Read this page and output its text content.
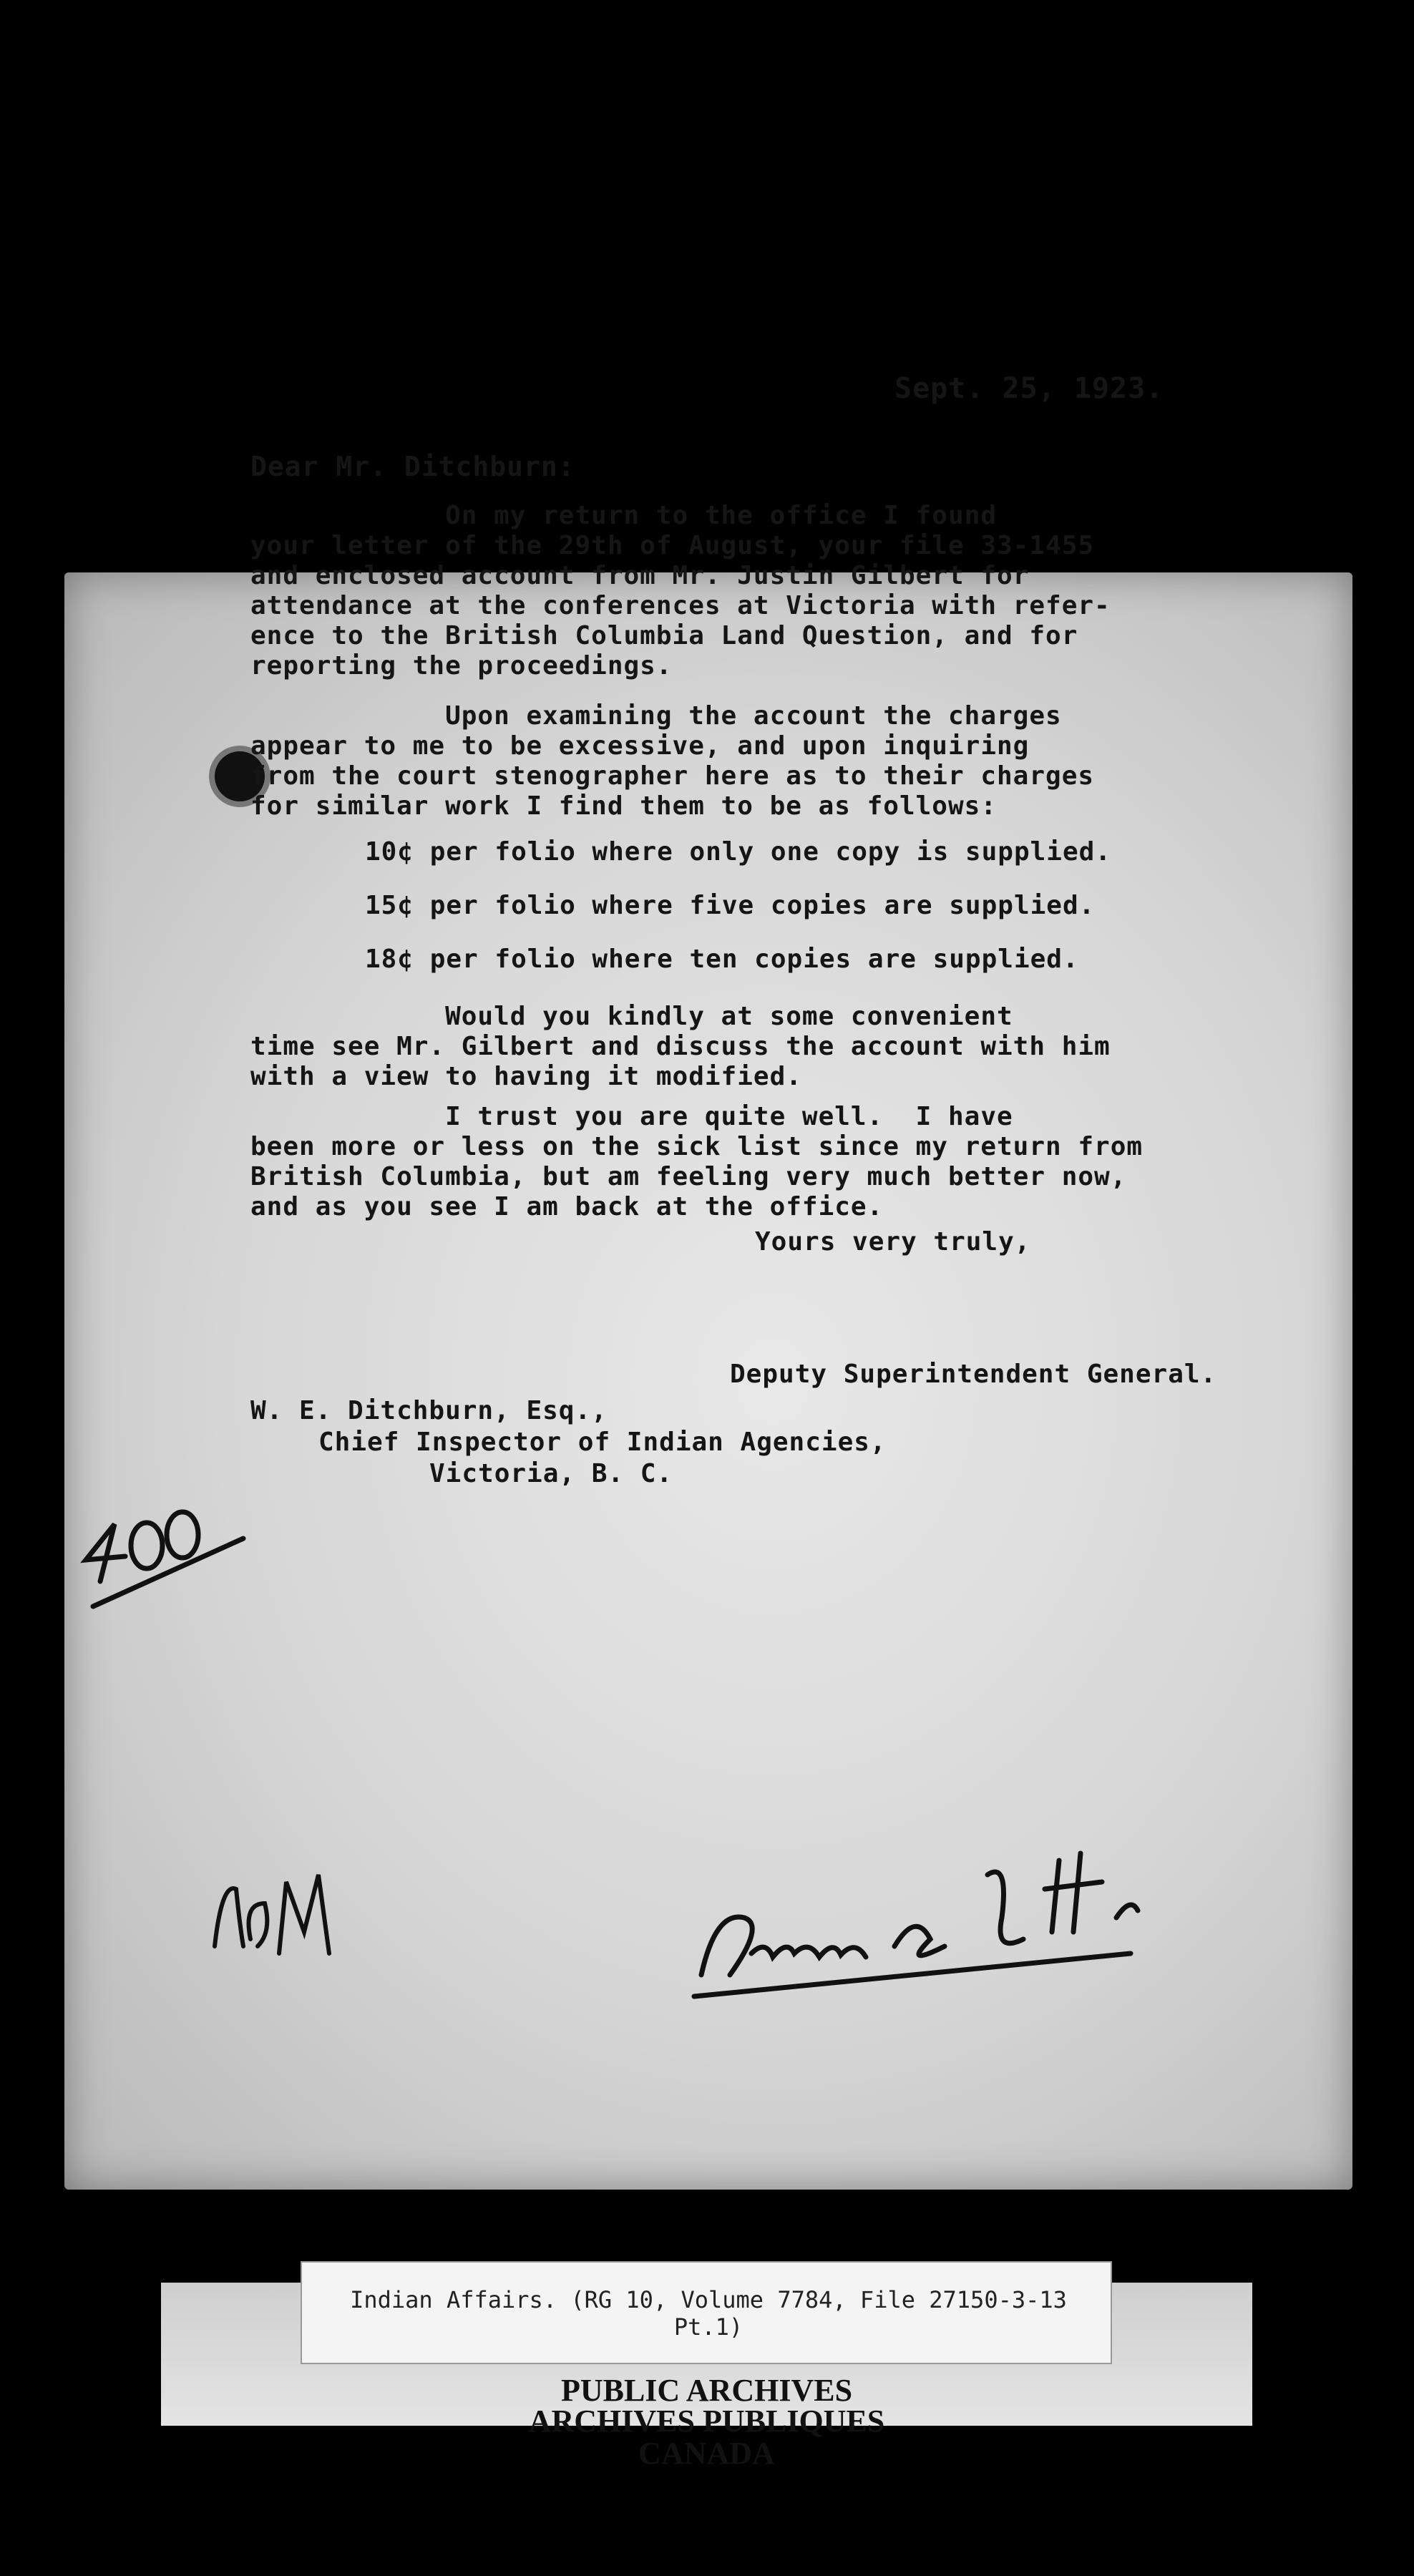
Sept. 25, 1923.
Dear Mr. Ditchburn:
On my return to the office I found
your letter of the 29th of August, your file 33-1455
and enclosed account from Mr. Justin Gilbert for
attendance at the conferences at Victoria with refer-
ence to the British Columbia Land Question, and for
reporting the proceedings.
Upon examining the account the charges
appear to me to be excessive, and upon inquiring
from the court stenographer here as to their charges
for similar work I find them to be as follows:
10¢ per folio where only one copy is supplied.
15¢ per folio where five copies are supplied.
18¢ per folio where ten copies are supplied.
Would you kindly at some convenient
time see Mr. Gilbert and discuss the account with him
with a view to having it modified.
I trust you are quite well.  I have
been more or less on the sick list since my return from
British Columbia, but am feeling very much better now,
and as you see I am back at the office.
Yours very truly,
Deputy Superintendent General.
W. E. Ditchburn, Esq.,
Chief Inspector of Indian Agencies,
Victoria, B. C.
Indian Affairs. (RG 10, Volume 7784, File 27150-3-13 Pt.1)
PUBLIC ARCHIVES
ARCHIVES PUBLIQUES
CANADA
